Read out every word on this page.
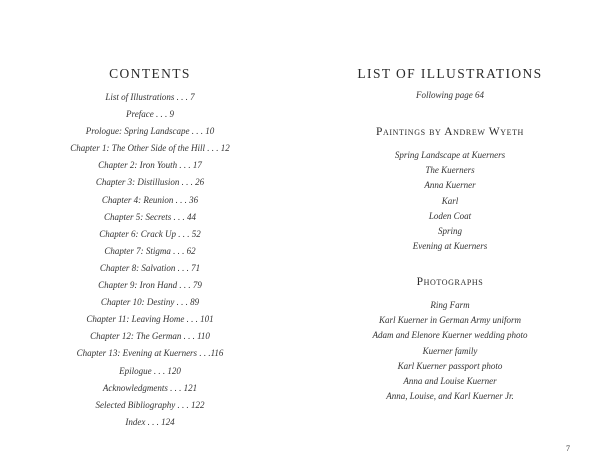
CONTENTS
List of Illustrations . . . 7
Preface . . . 9
Prologue: Spring Landscape . . . 10
Chapter 1: The Other Side of the Hill . . . 12
Chapter 2: Iron Youth . . . 17
Chapter 3: Distillusion . . . 26
Chapter 4: Reunion . . . 36
Chapter 5: Secrets . . . 44
Chapter 6: Crack Up . . . 52
Chapter 7: Stigma . . . 62
Chapter 8: Salvation . . . 71
Chapter 9: Iron Hand . . . 79
Chapter 10: Destiny . . . 89
Chapter 11: Leaving Home . . . 101
Chapter 12: The German . . . 110
Chapter 13: Evening at Kuerners . . .116
Epilogue . . . 120
Acknowledgments . . . 121
Selected Bibliography . . . 122
Index . . . 124
LIST OF ILLUSTRATIONS
Following page 64
Paintings by Andrew Wyeth
Spring Landscape at Kuerners
The Kuerners
Anna Kuerner
Karl
Loden Coat
Spring
Evening at Kuerners
Photographs
Ring Farm
Karl Kuerner in German Army uniform
Adam and Elenore Kuerner wedding photo
Kuerner family
Karl Kuerner passport photo
Anna and Louise Kuerner
Anna, Louise, and Karl Kuerner Jr.
7
